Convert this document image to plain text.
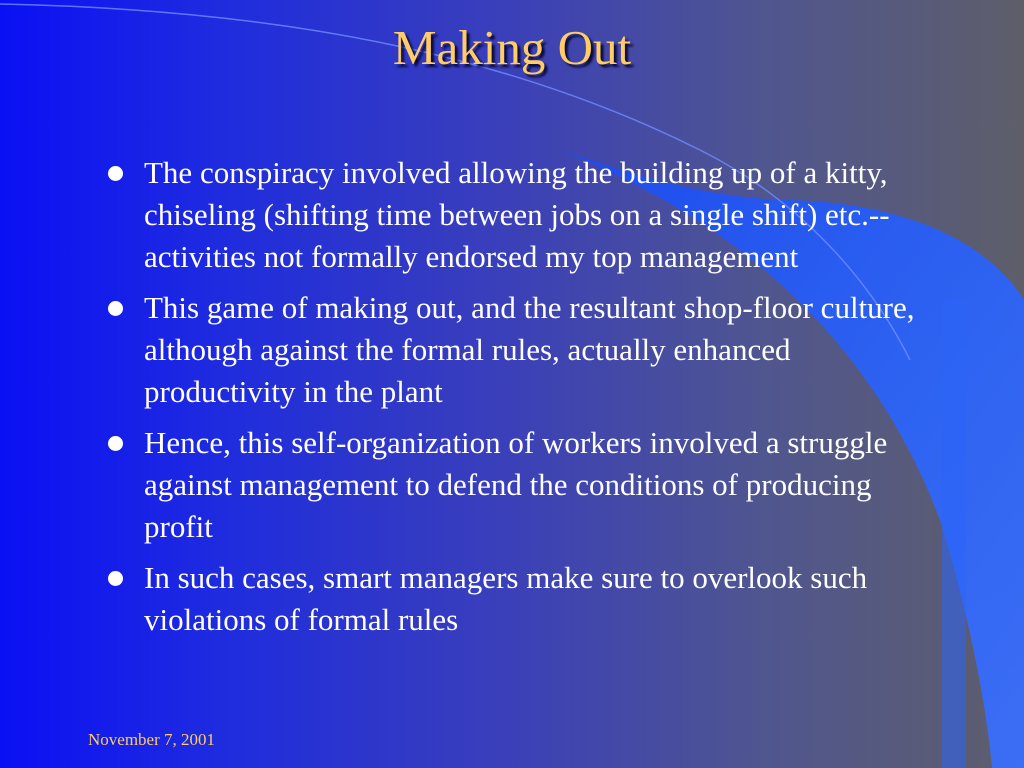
Making Out
The conspiracy involved allowing the building up of a kitty, chiseling (shifting time between jobs on a single shift) etc.--activities not formally endorsed my top management
This game of making out, and the resultant shop-floor culture, although against the formal rules, actually enhanced productivity in the plant
Hence, this self-organization of workers involved a struggle against management to defend the conditions of producing profit
In such cases, smart managers make sure to overlook such violations of formal rules
November 7, 2001
